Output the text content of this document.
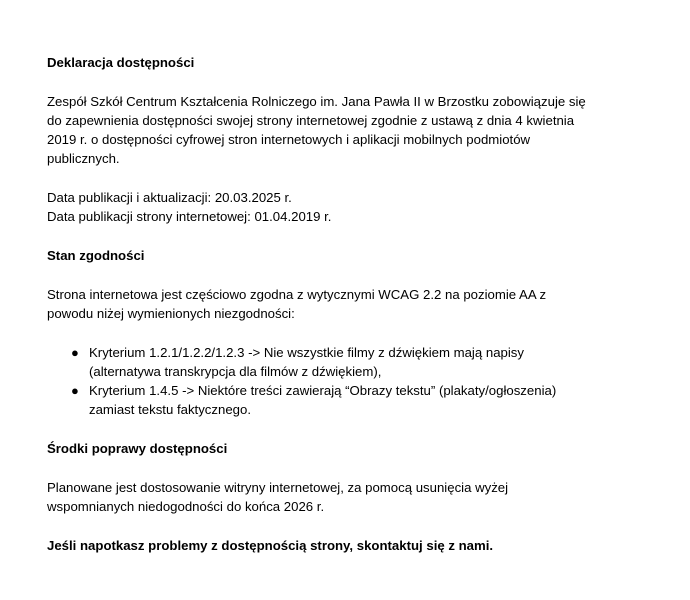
Deklaracja dostępności

Zespół Szkół Centrum Kształcenia Rolniczego im. Jana Pawła II w Brzostku zobowiązuje się
do zapewnienia dostępności swojej strony internetowej zgodnie z ustawą z dnia 4 kwietnia
2019 r. o dostępności cyfrowej stron internetowych i aplikacji mobilnych podmiotów
publicznych.

Data publikacji i aktualizacji: 20.03.2025 r.
Data publikacji strony internetowej: 01.04.2019 r.

Stan zgodności

Strona internetowa jest częściowo zgodna z wytycznymi WCAG 2.2 na poziomie AA z
powodu niżej wymienionych niezgodności:

● Kryterium 1.2.1/1.2.2/1.2.3 -> Nie wszystkie filmy z dźwiękiem mają napisy
(alternatywa transkrypcja dla filmów z dźwiękiem),
● Kryterium 1.4.5 -> Niektóre treści zawierają “Obrazy tekstu” (plakaty/ogłoszenia)
zamiast tekstu faktycznego.
Środki poprawy dostępności

Planowane jest dostosowanie witryny internetowej, za pomocą usunięcia wyżej
wspomnianych niedogodności do końca 2026 r.

Jeśli napotkasz problemy z dostępnością strony, skontaktuj się z nami.
